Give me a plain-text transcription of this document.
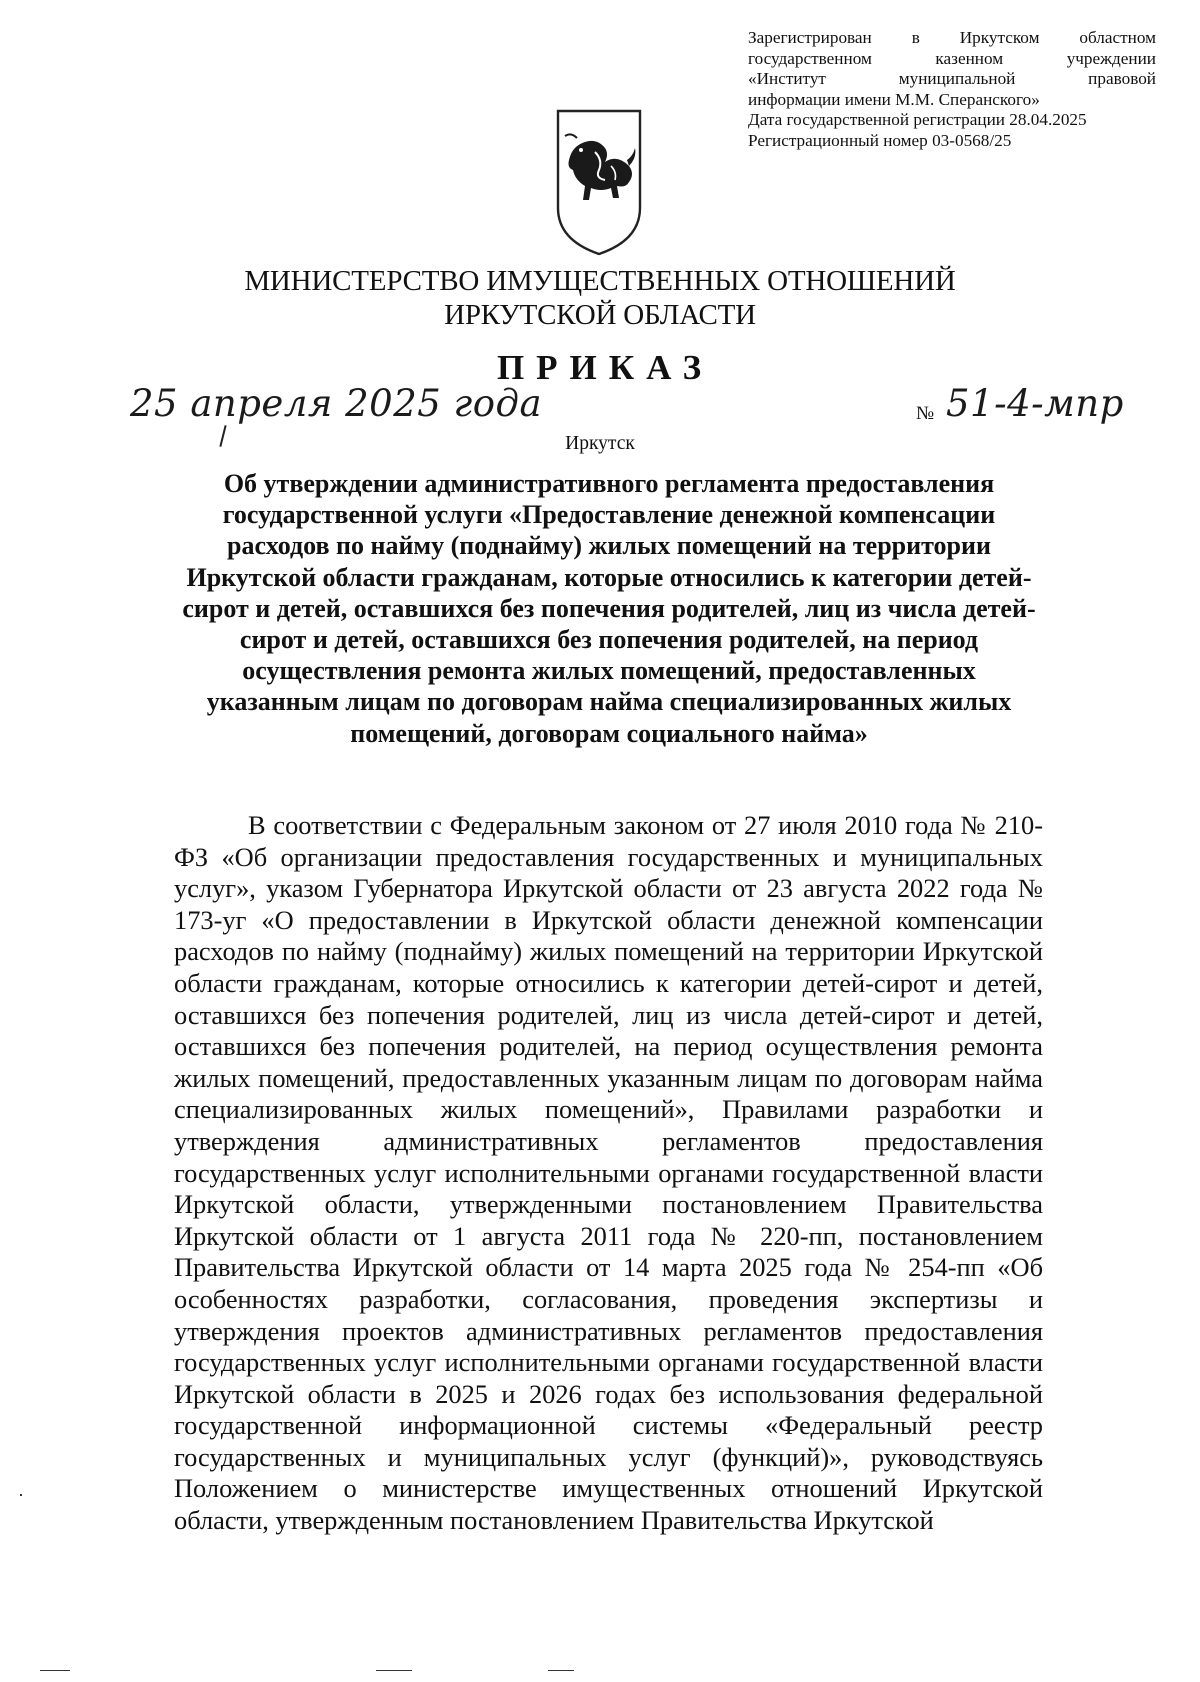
Зарегистрирован в Иркутском областном
государственном казенном учреждении
«Институт муниципальной правовой
информации имени М.М. Сперанского»
Дата государственной регистрации 28.04.2025
Регистрационный номер 03-0568/25
МИНИСТЕРСТВО ИМУЩЕСТВЕННЫХ ОТНОШЕНИЙ
ИРКУТСКОЙ ОБЛАСТИ
ПРИКАЗ
25 апреля 2025 года	№ 51-4-мпр
Иркутск
Об утверждении административного регламента предоставления государственной услуги «Предоставление денежной компенсации расходов по найму (поднайму) жилых помещений на территории Иркутской области гражданам, которые относились к категории детей-сирот и детей, оставшихся без попечения родителей, лиц из числа детей-сирот и детей, оставшихся без попечения родителей, на период осуществления ремонта жилых помещений, предоставленных указанным лицам по договорам найма специализированных жилых помещений, договорам социального найма»

В соответствии с Федеральным законом от 27 июля 2010 года № 210-ФЗ «Об организации предоставления государственных и муниципальных услуг», указом Губернатора Иркутской области от 23 августа 2022 года № 173-уг «О предоставлении в Иркутской области денежной компенсации расходов по найму (поднайму) жилых помещений на территории Иркутской области гражданам, которые относились к категории детей-сирот и детей, оставшихся без попечения родителей, лиц из числа детей-сирот и детей, оставшихся без попечения родителей, на период осуществления ремонта жилых помещений, предоставленных указанным лицам по договорам найма специализированных жилых помещений», Правилами разработки и утверждения административных регламентов предоставления государственных услуг исполнительными органами государственной власти Иркутской области, утвержденными постановлением Правительства Иркутской области от 1 августа 2011 года № 220-пп, постановлением Правительства Иркутской области от 14 марта 2025 года № 254-пп «Об особенностях разработки, согласования, проведения экспертизы и утверждения проектов административных регламентов предоставления государственных услуг исполнительными органами государственной власти Иркутской области в 2025 и 2026 годах без использования федеральной государственной информационной системы «Федеральный реестр государственных и муниципальных услуг (функций)», руководствуясь Положением о министерстве имущественных отношений Иркутской области, утвержденным постановлением Правительства Иркутской
